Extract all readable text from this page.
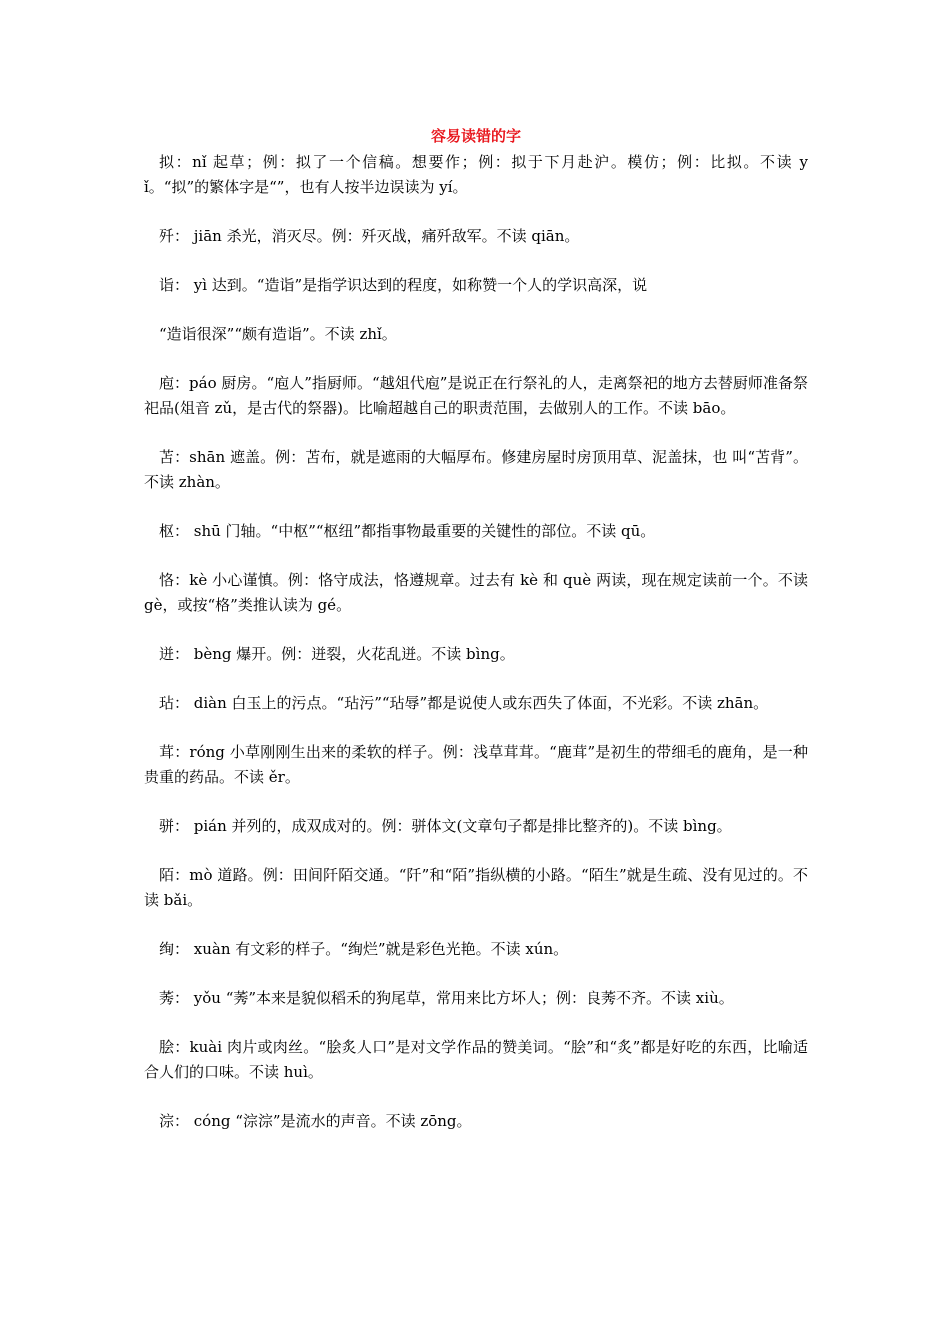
容易读错的字

拟：nǐ 起草；例：拟了一个信稿。想要作；例：拟于下月赴沪。模仿；例：比拟。不读 yǐ。“拟”的繁体字是“”，也有人按半边误读为 yí。

歼： jiān 杀光，消灭尽。例：歼灭战，痛歼敌军。不读 qiān。

诣： yì 达到。“造诣”是指学识达到的程度，如称赞一个人的学识高深，说

“造诣很深”“颇有造诣”。不读 zhǐ。

庖：páo 厨房。“庖人”指厨师。“越俎代庖”是说正在行祭礼的人，走离祭祀的地方去替厨师准备祭祀品(俎音 zǔ，是古代的祭器)。比喻超越自己的职责范围，去做别人的工作。不读 bāo。

苫：shān 遮盖。例：苫布，就是遮雨的大幅厚布。修建房屋时房顶用草、泥盖抹，也 叫“苫背”。不读 zhàn。

枢： shū 门轴。“中枢”“枢纽”都指事物最重要的关键性的部位。不读 qū。

恪：kè 小心谨慎。例：恪守成法，恪遵规章。过去有 kè 和 què 两读，现在规定读前一个。不读 gè，或按“格”类推认读为 gé。

迸： bèng 爆开。例：迸裂，火花乱迸。不读 bìng。

玷： diàn 白玉上的污点。“玷污”“玷辱”都是说使人或东西失了体面，不光彩。不读 zhān。

茸：róng 小草刚刚生出来的柔软的样子。例：浅草茸茸。“鹿茸”是初生的带细毛的鹿角，是一种贵重的药品。不读 ěr。

骈： pián 并列的，成双成对的。例：骈体文(文章句子都是排比整齐的)。不读 bìng。

陌：mò 道路。例：田间阡陌交通。“阡”和“陌”指纵横的小路。“陌生”就是生疏、没有见过的。不读 bǎi。

绚： xuàn 有文彩的样子。“绚烂”就是彩色光艳。不读 xún。

莠： yǒu “莠”本来是貌似稻禾的狗尾草，常用来比方坏人；例：良莠不齐。不读 xiù。

脍：kuài 肉片或肉丝。“脍炙人口”是对文学作品的赞美词。“脍”和“炙”都是好吃的东西，比喻适合人们的口味。不读 huì。

淙： cóng “淙淙”是流水的声音。不读 zōng。
